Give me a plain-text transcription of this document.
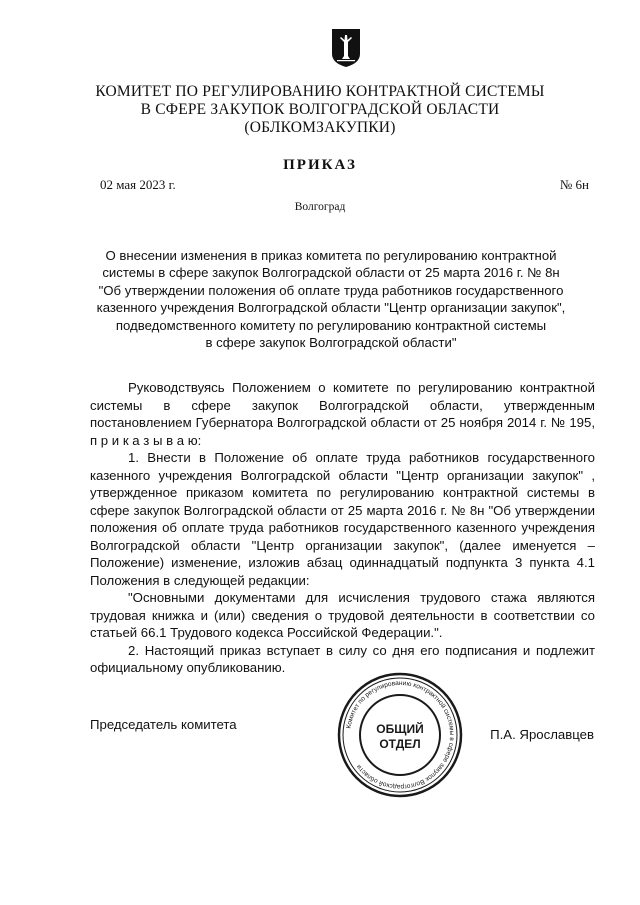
КОМИТЕТ ПО РЕГУЛИРОВАНИЮ КОНТРАКТНОЙ СИСТЕМЫ
В СФЕРЕ ЗАКУПОК ВОЛГОГРАДСКОЙ ОБЛАСТИ
(ОБЛКОМЗАКУПКИ)
ПРИКАЗ
02 мая 2023 г.	№ 6н
Волгоград
О внесении изменения в приказ комитета по регулированию контрактной
системы в сфере закупок Волгоградской области от 25 марта 2016 г. № 8н
"Об утверждении положения об оплате труда работников государственного
казенного учреждения Волгоградской области "Центр организации закупок",
подведомственного комитету по регулированию контрактной системы
в сфере закупок Волгоградской области"

Руководствуясь Положением о комитете по регулированию контрактной системы в сфере закупок Волгоградской области, утвержденным постановлением Губернатора Волгоградской области от 25 ноября 2014 г. № 195, п р и к а з ы в а ю:

1. Внести в Положение об оплате труда работников государственного казенного учреждения Волгоградской области "Центр организации закупок" , утвержденное приказом комитета по регулированию контрактной системы в сфере закупок Волгоградской области от 25 марта 2016 г. № 8н "Об утверждении положения об оплате труда работников государственного казенного учреждения Волгоградской области "Центр организации закупок", (далее именуется – Положение) изменение, изложив абзац одиннадцатый подпункта 3 пункта 4.1 Положения в следующей редакции:

"Основными документами для исчисления трудового стажа являются трудовая книжка и (или) сведения о трудовой деятельности в соответствии со статьей 66.1 Трудового кодекса Российской Федерации.".

2. Настоящий приказ вступает в силу со дня его подписания и подлежит официальному опубликованию.

Председатель комитета
П.А. Ярославцев
Комитет по регулированию контрактной системы в сфере закупок Волгоградской области
ОБЩИЙ
ОТДЕЛ
